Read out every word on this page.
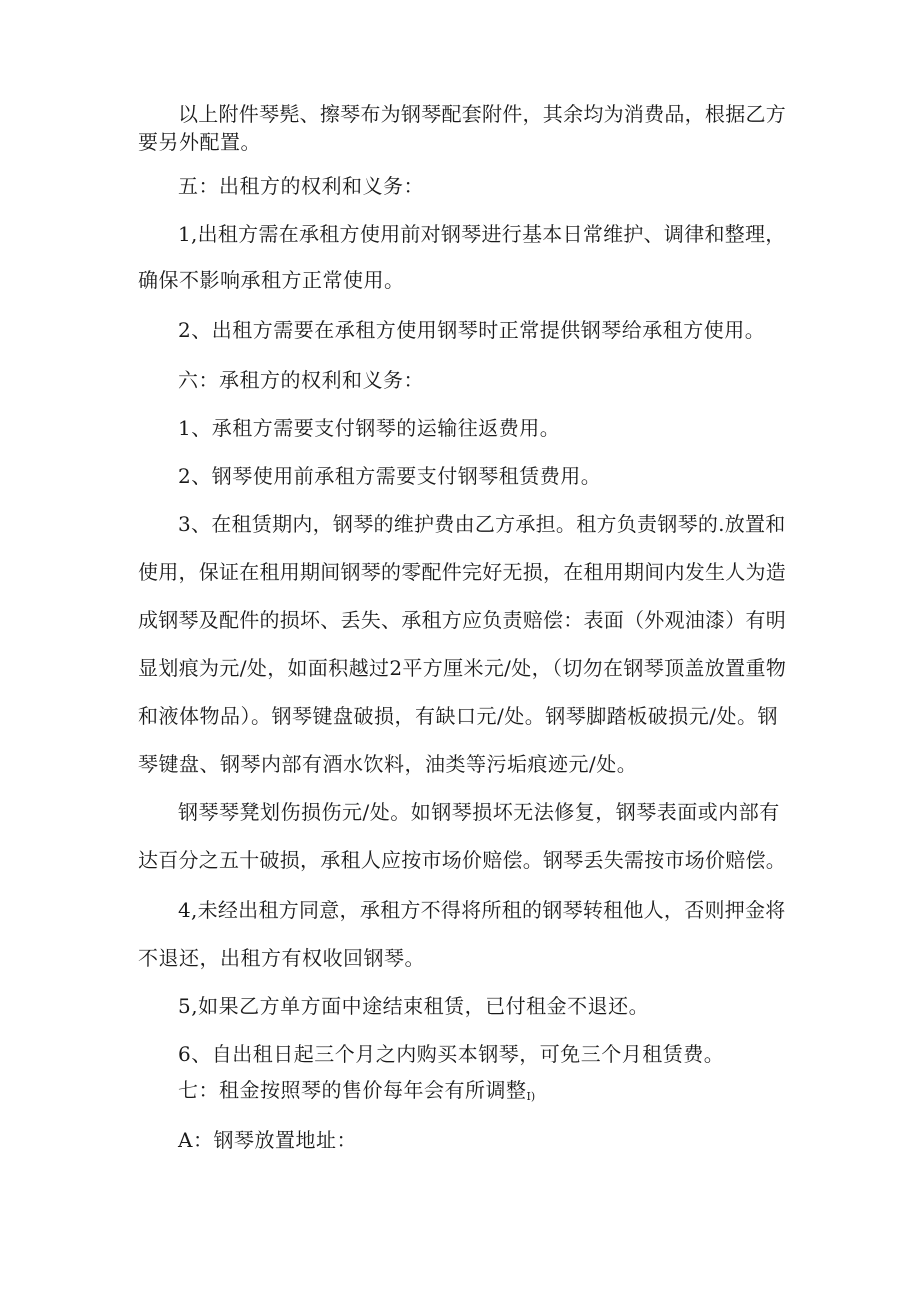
以上附件琴髡、擦琴布为钢琴配套附件，其余均为消费品，根据乙方
要另外配置。
五：出租方的权利和义务：
1,出租方需在承租方使用前对钢琴进行基本日常维护、调律和整理，
确保不影响承租方正常使用。
2、出租方需要在承租方使用钢琴时正常提供钢琴给承租方使用。
六：承租方的权利和义务：
1、承租方需要支付钢琴的运输往返费用。
2、钢琴使用前承租方需要支付钢琴租赁费用。
3、在租赁期内，钢琴的维护费由乙方承担。租方负责钢琴的.放置和
使用，保证在租用期间钢琴的零配件完好无损，在租用期间内发生人为造
成钢琴及配件的损坏、丢失、承租方应负责赔偿：表面（外观油漆）有明
显划痕为元/处，如面积越过2平方厘米元/处，（切勿在钢琴顶盖放置重物
和液体物品）。钢琴键盘破损，有缺口元/处。钢琴脚踏板破损元/处。钢
琴键盘、钢琴内部有酒水饮料，油类等污垢痕迹元/处。
钢琴琴凳划伤损伤元/处。如钢琴损坏无法修复，钢琴表面或内部有
达百分之五十破损，承租人应按市场价赔偿。钢琴丢失需按市场价赔偿。
4,未经出租方同意，承租方不得将所租的钢琴转租他人，否则押金将
不退还，出租方有权收回钢琴。
5,如果乙方单方面中途结束租赁，已付租金不退还。
6、自出租日起三个月之内购买本钢琴，可免三个月租赁费。
七：租金按照琴的售价每年会有所调整$_{I)}$
A：钢琴放置地址：
